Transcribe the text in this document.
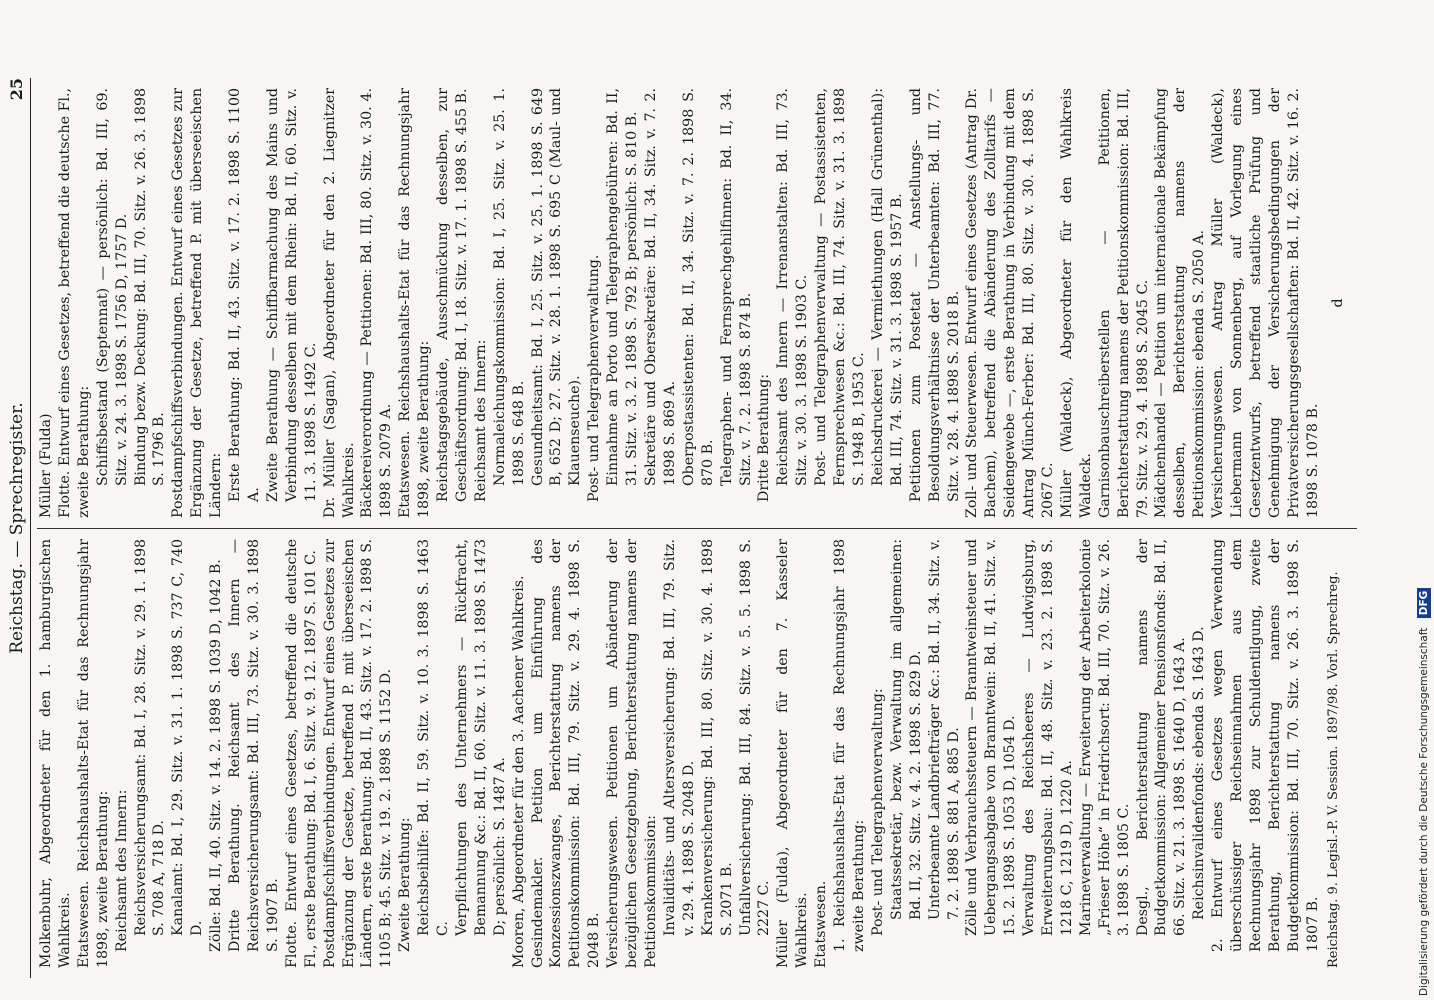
Reichstag. — Sprechregister.
25

Molkenbuhr, Abgeordneter für den 1. hamburgischen Wahlkreis. Etatswesen. Reichshaushalts-Etat für das Rechnungsjahr 1898, zweite Berathung: Reichsamt des Innern: Reichsversicherungsamt: Bd. I, 28. Sitz. v. 29. 1. 1898 S. 708 A, 718 D. Kanalamt: Bd. I, 29. Sitz. v. 31. 1. 1898 S. 737 C, 740 D. Zölle: Bd. II, 40. Sitz. v. 14. 2. 1898 S. 1039 D, 1042 B. Dritte Berathung. Reichsamt des Innern — Reichsversicherungsamt: Bd. III, 73. Sitz. v. 30. 3. 1898 S. 1907 B. Flotte. Entwurf eines Gesetzes, betreffend die deutsche Fl., erste Berathung: Bd. I, 6. Sitz. v. 9. 12. 1897 S. 101 C. Postdampfschiffsverbindungen. Entwurf eines Gesetzes zur Ergänzung der Gesetze, betreffend P. mit überseeischen Ländern, erste Berathung: Bd. II, 43. Sitz. v. 17. 2. 1898 S. 1105 B; 45. Sitz. v. 19. 2. 1898 S. 1152 D. Zweite Berathung: Reichsbeihilfe: Bd. II, 59. Sitz. v. 10. 3. 1898 S. 1463 C. Verpflichtungen des Unternehmers — Rückfracht, Bemannung &c.: Bd. II, 60. Sitz. v. 11. 3. 1898 S. 1473 D; persönlich: S. 1487 A. Mooren, Abgeordneter für den 3. Aachener Wahlkreis. Gesindemakler. Petition um Einführung des Konzessionszwanges, Berichterstattung namens der Petitionskommission: Bd. III, 79. Sitz. v. 29. 4. 1898 S. 2048 B. Versicherungswesen. Petitionen um Abänderung der bezüglichen Gesetzgebung, Berichterstattung namens der Petitionskommission: Invaliditäts- und Altersversicherung: Bd. III, 79. Sitz. v. 29. 4. 1898 S. 2048 D. Krankenversicherung: Bd. III, 80. Sitz. v. 30. 4. 1898 S. 2071 B. Unfallversicherung: Bd. III, 84. Sitz. v. 5. 5. 1898 S. 2227 C. Müller (Fulda), Abgeordneter für den 7. Kasseler Wahlkreis. Etatswesen. 1. Reichshaushalts-Etat für das Rechnungsjahr 1898 zweite Berathung: Post- und Telegraphenverwaltung: Staatssekretär, bezw. Verwaltung im allgemeinen: Bd. II, 32. Sitz. v. 4. 2. 1898 S. 829 D. Unterbeamte Landbriefträger &c.: Bd. II, 34. Sitz. v. 7. 2. 1898 S. 881 A, 885 D. Zölle und Verbrauchssteuern — Branntweinsteuer und Uebergangsabgabe von Branntwein: Bd. II, 41. Sitz. v. 15. 2. 1898 S. 1053 D, 1054 D. Verwaltung des Reichsheeres — Ludwigsburg, Erweiterungsbau: Bd. II, 48. Sitz. v. 23. 2. 1898 S. 1218 C, 1219 D, 1220 A. Marineverwaltung — Erweiterung der Arbeiterkolonie „Frieser Höhe“ in Friedrichsort: Bd. III, 70. Sitz. v. 26. 3. 1898 S. 1805 C. Desgl., Berichterstattung namens der Budgetkommission: Allgemeiner Pensionsfonds: Bd. II, 66. Sitz. v. 21. 3. 1898 S. 1640 D, 1643 A. Reichsinvalidenfonds: ebenda S. 1643 D. 2. Entwurf eines Gesetzes wegen Verwendung überschüssiger Reichseinnahmen aus dem Rechnungsjahr 1898 zur Schuldentilgung, zweite Berathung, Berichterstattung namens der Budgetkommission: Bd. III, 70. Sitz. v. 26. 3. 1898 S. 1807 B. Reichstag. 9. Legisl.-P. V. Session. 1897/98. Vorl. Sprechreg.

Müller (Fulda) Flotte. Entwurf eines Gesetzes, betreffend die deutsche Fl., zweite Berathung: Schiffsbestand (Septennat) — persönlich: Bd. III, 69. Sitz. v. 24. 3. 1898 S. 1756 D, 1757 D. Bindung bezw. Deckung: Bd. III, 70. Sitz. v. 26. 3. 1898 S. 1796 B. Postdampfschiffsverbindungen. Entwurf eines Gesetzes zur Ergänzung der Gesetze, betreffend P. mit überseeischen Ländern: Erste Berathung: Bd. II, 43. Sitz. v. 17. 2. 1898 S. 1100 A. Zweite Berathung — Schiffbarmachung des Mains und Verbindung desselben mit dem Rhein: Bd. II, 60. Sitz. v. 11. 3. 1898 S. 1492 C. Dr. Müller (Sagan), Abgeordneter für den 2. Liegnitzer Wahlkreis. Bäckereiverordnung — Petitionen: Bd. III, 80. Sitz. v. 30. 4. 1898 S. 2079 A. Etatswesen. Reichshaushalts-Etat für das Rechnungsjahr 1898, zweite Berathung: Reichstagsgebäude, Ausschmückung desselben, zur Geschäftsordnung: Bd. I, 18. Sitz. v. 17. 1. 1898 S. 455 B. Reichsamt des Innern: Normaleichungskommission: Bd. I, 25. Sitz. v. 25. 1. 1898 S. 648 B. Gesundheitsamt: Bd. I, 25. Sitz. v. 25. 1. 1898 S. 649 B, 652 D; 27. Sitz. v. 28. 1. 1898 S. 695 C (Maul- und Klauenseuche). Post- und Telegraphenverwaltung. Einnahme an Porto und Telegraphengebühren: Bd. II, 31. Sitz. v. 3. 2. 1898 S. 792 B; persönlich: S. 810 B. Sekretäre und Obersekretäre: Bd. II, 34. Sitz. v. 7. 2. 1898 S. 869 A. Oberpostassistenten: Bd. II, 34. Sitz. v. 7. 2. 1898 S. 870 B. Telegraphen- und Fernsprechgehilfinnen: Bd. II, 34. Sitz. v. 7. 2. 1898 S. 874 B. Dritte Berathung: Reichsamt des Innern — Irrenanstalten: Bd. III, 73. Sitz. v. 30. 3. 1898 S. 1903 C. Post- und Telegraphenverwaltung — Postassistenten, Fernsprechwesen &c.: Bd. III, 74. Sitz. v. 31. 3. 1898 S. 1948 B, 1953 C. Reichsdruckerei — Vermiethungen (Hall Grünenthal): Bd. III, 74. Sitz. v. 31. 3. 1898 S. 1957 B. Petitionen zum Postetat — Anstellungs- und Besoldungsverhältnisse der Unterbeamten: Bd. III, 77. Sitz. v. 28. 4. 1898 S. 2018 B. Zoll- und Steuerwesen. Entwurf eines Gesetzes (Antrag Dr. Bachem), betreffend die Abänderung des Zolltarifs — Seidengewebe —, erste Berathung in Verbindung mit dem Antrag Münch-Ferber: Bd. III, 80. Sitz. v. 30. 4. 1898 S. 2067 C. Müller (Waldeck), Abgeordneter für den Wahlkreis Waldeck. Garnisonbauschreiberstellen — Petitionen, Berichterstattung namens der Petitionskommission: Bd. III, 79. Sitz. v. 29. 4. 1898 S. 2045 C. Mädchenhandel — Petition um internationale Bekämpfung desselben, Berichterstattung namens der Petitionskommission: ebenda S. 2050 A. Versicherungswesen. Antrag Müller (Waldeck), Liebermann von Sonnenberg, auf Vorlegung eines Gesetzentwurfs, betreffend staatliche Prüfung und Genehmigung der Versicherungsbedingungen der Privatversicherungsgesellschaften: Bd. II, 42. Sitz. v. 16. 2. 1898 S. 1078 B.

d

Digitalisierung gefördert durch die Deutsche Forschungsgemeinschaft DFG
